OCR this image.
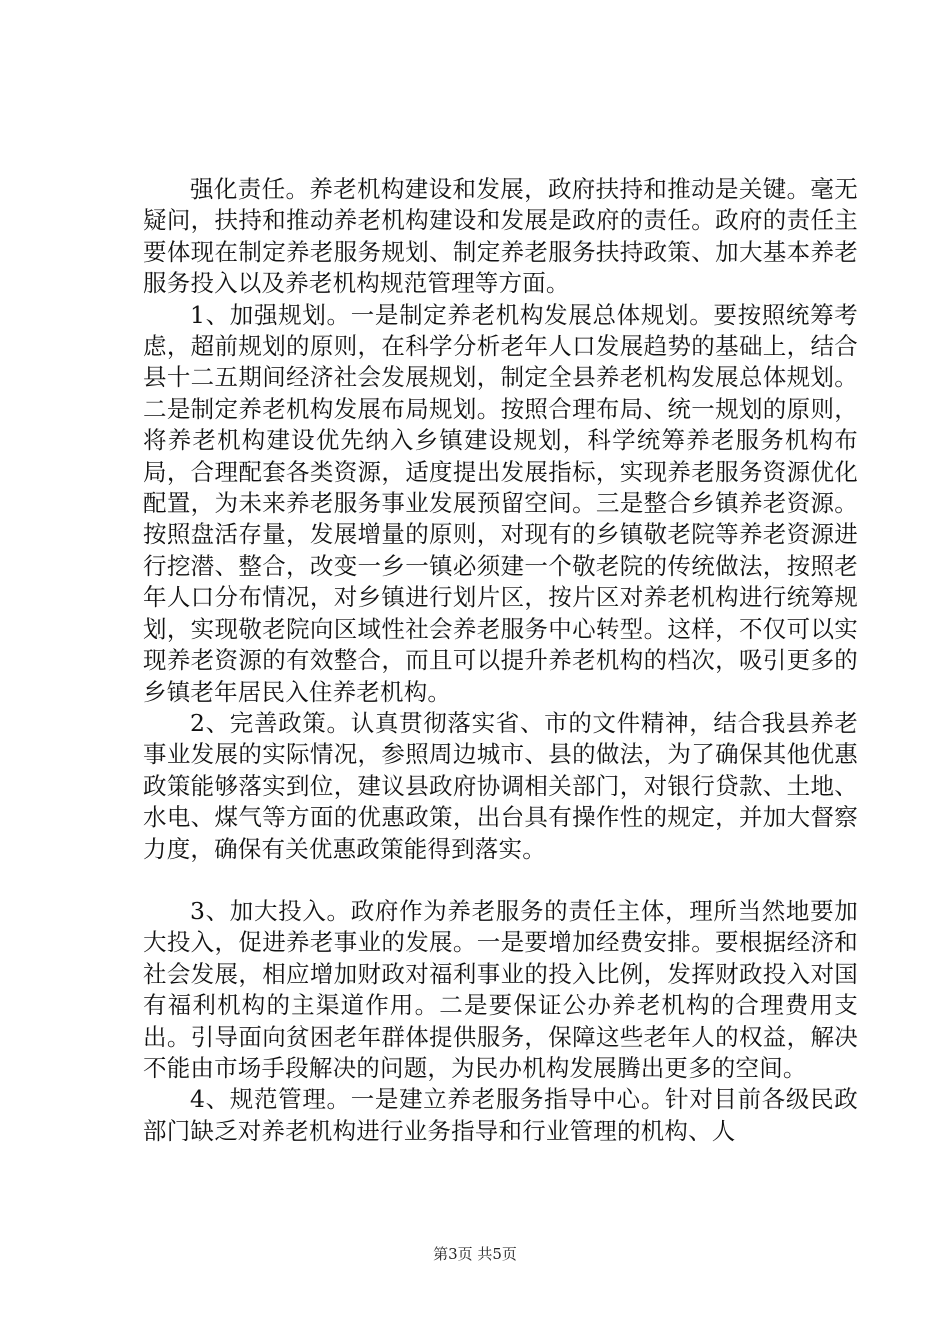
强化责任。养老机构建设和发展，政府扶持和推动是关键。毫无疑问，扶持和推动养老机构建设和发展是政府的责任。政府的责任主要体现在制定养老服务规划、制定养老服务扶持政策、加大基本养老服务投入以及养老机构规范管理等方面。

1、加强规划。一是制定养老机构发展总体规划。要按照统筹考虑，超前规划的原则，在科学分析老年人口发展趋势的基础上，结合县十二五期间经济社会发展规划，制定全县养老机构发展总体规划。二是制定养老机构发展布局规划。按照合理布局、统一规划的原则，将养老机构建设优先纳入乡镇建设规划，科学统筹养老服务机构布局，合理配套各类资源，适度提出发展指标，实现养老服务资源优化配置，为未来养老服务事业发展预留空间。三是整合乡镇养老资源。按照盘活存量，发展增量的原则，对现有的乡镇敬老院等养老资源进行挖潜、整合，改变一乡一镇必须建一个敬老院的传统做法，按照老年人口分布情况，对乡镇进行划片区，按片区对养老机构进行统筹规划，实现敬老院向区域性社会养老服务中心转型。这样，不仅可以实现养老资源的有效整合，而且可以提升养老机构的档次，吸引更多的乡镇老年居民入住养老机构。

2、完善政策。认真贯彻落实省、市的文件精神，结合我县养老事业发展的实际情况，参照周边城市、县的做法，为了确保其他优惠政策能够落实到位，建议县政府协调相关部门，对银行贷款、土地、水电、煤气等方面的优惠政策，出台具有操作性的规定，并加大督察力度，确保有关优惠政策能得到落实。

3、加大投入。政府作为养老服务的责任主体，理所当然地要加大投入，促进养老事业的发展。一是要增加经费安排。要根据经济和社会发展，相应增加财政对福利事业的投入比例，发挥财政投入对国有福利机构的主渠道作用。二是要保证公办养老机构的合理费用支出。引导面向贫困老年群体提供服务，保障这些老年人的权益，解决不能由市场手段解决的问题，为民办机构发展腾出更多的空间。

4、规范管理。一是建立养老服务指导中心。针对目前各级民政部门缺乏对养老机构进行业务指导和行业管理的机构、人

第3页 共5页
